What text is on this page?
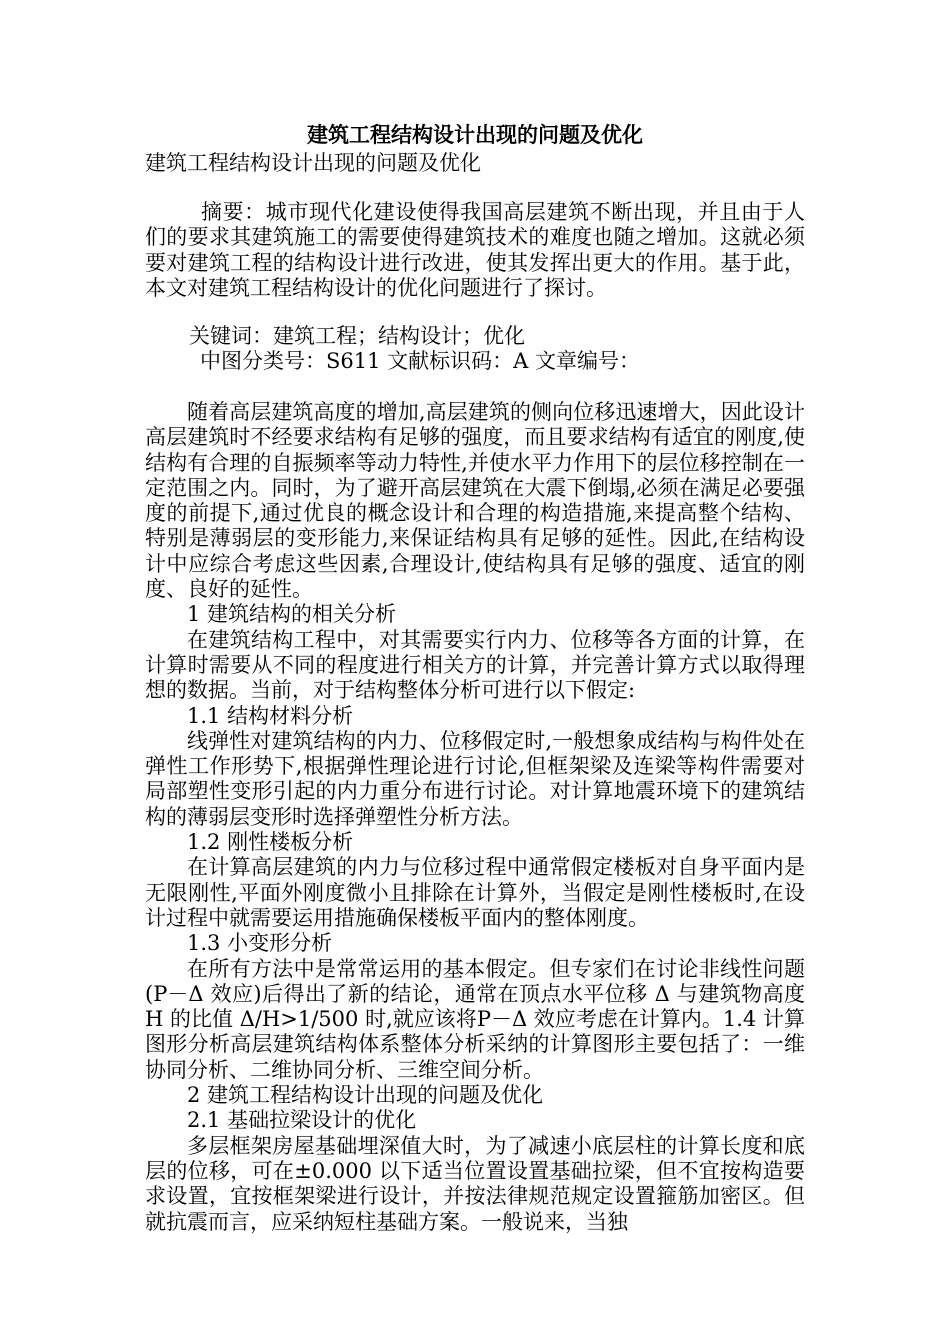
建筑工程结构设计出现的问题及优化
建筑工程结构设计出现的问题及优化

摘要：城市现代化建设使得我国高层建筑不断出现，并且由于人们的要求其建筑施工的需要使得建筑技术的难度也随之增加。这就必须要对建筑工程的结构设计进行改进，使其发挥出更大的作用。基于此，本文对建筑工程结构设计的优化问题进行了探讨。

关键词：建筑工程；结构设计；优化
中图分类号：S611 文献标识码：A 文章编号：

随着高层建筑高度的增加,高层建筑的侧向位移迅速增大，因此设计高层建筑时不经要求结构有足够的强度，而且要求结构有适宜的刚度,使结构有合理的自振频率等动力特性,并使水平力作用下的层位移控制在一定范围之内。同时，为了避开高层建筑在大震下倒塌,必须在满足必要强度的前提下,通过优良的概念设计和合理的构造措施,来提高整个结构、特别是薄弱层的变形能力,来保证结构具有足够的延性。因此,在结构设计中应综合考虑这些因素,合理设计,使结构具有足够的强度、适宜的刚度、良好的延性。

1 建筑结构的相关分析

在建筑结构工程中，对其需要实行内力、位移等各方面的计算，在计算时需要从不同的程度进行相关方的计算，并完善计算方式以取得理想的数据。当前，对于结构整体分析可进行以下假定:

1.1 结构材料分析

线弹性对建筑结构的内力、位移假定时,一般想象成结构与构件处在弹性工作形势下,根据弹性理论进行讨论,但框架梁及连梁等构件需要对局部塑性变形引起的内力重分布进行讨论。对计算地震环境下的建筑结构的薄弱层变形时选择弹塑性分析方法。

1.2 刚性楼板分析

在计算高层建筑的内力与位移过程中通常假定楼板对自身平面内是无限刚性,平面外刚度微小且排除在计算外，当假定是刚性楼板时,在设计过程中就需要运用措施确保楼板平面内的整体刚度。

1.3 小变形分析

在所有方法中是常常运用的基本假定。但专家们在讨论非线性问题(P－Δ 效应)后得出了新的结论，通常在顶点水平位移 Δ 与建筑物高度H 的比值 Δ/H>1/500 时,就应该将P－Δ 效应考虑在计算内。1.4 计算图形分析高层建筑结构体系整体分析采纳的计算图形主要包括了：一维协同分析、二维协同分析、三维空间分析。

2 建筑工程结构设计出现的问题及优化

2.1 基础拉梁设计的优化

多层框架房屋基础埋深值大时，为了减速小底层柱的计算长度和底层的位移，可在±0.000 以下适当位置设置基础拉梁，但不宜按构造要求设置，宜按框架梁进行设计，并按法律规范规定设置箍筋加密区。但就抗震而言，应采纳短柱基础方案。一般说来，当独
